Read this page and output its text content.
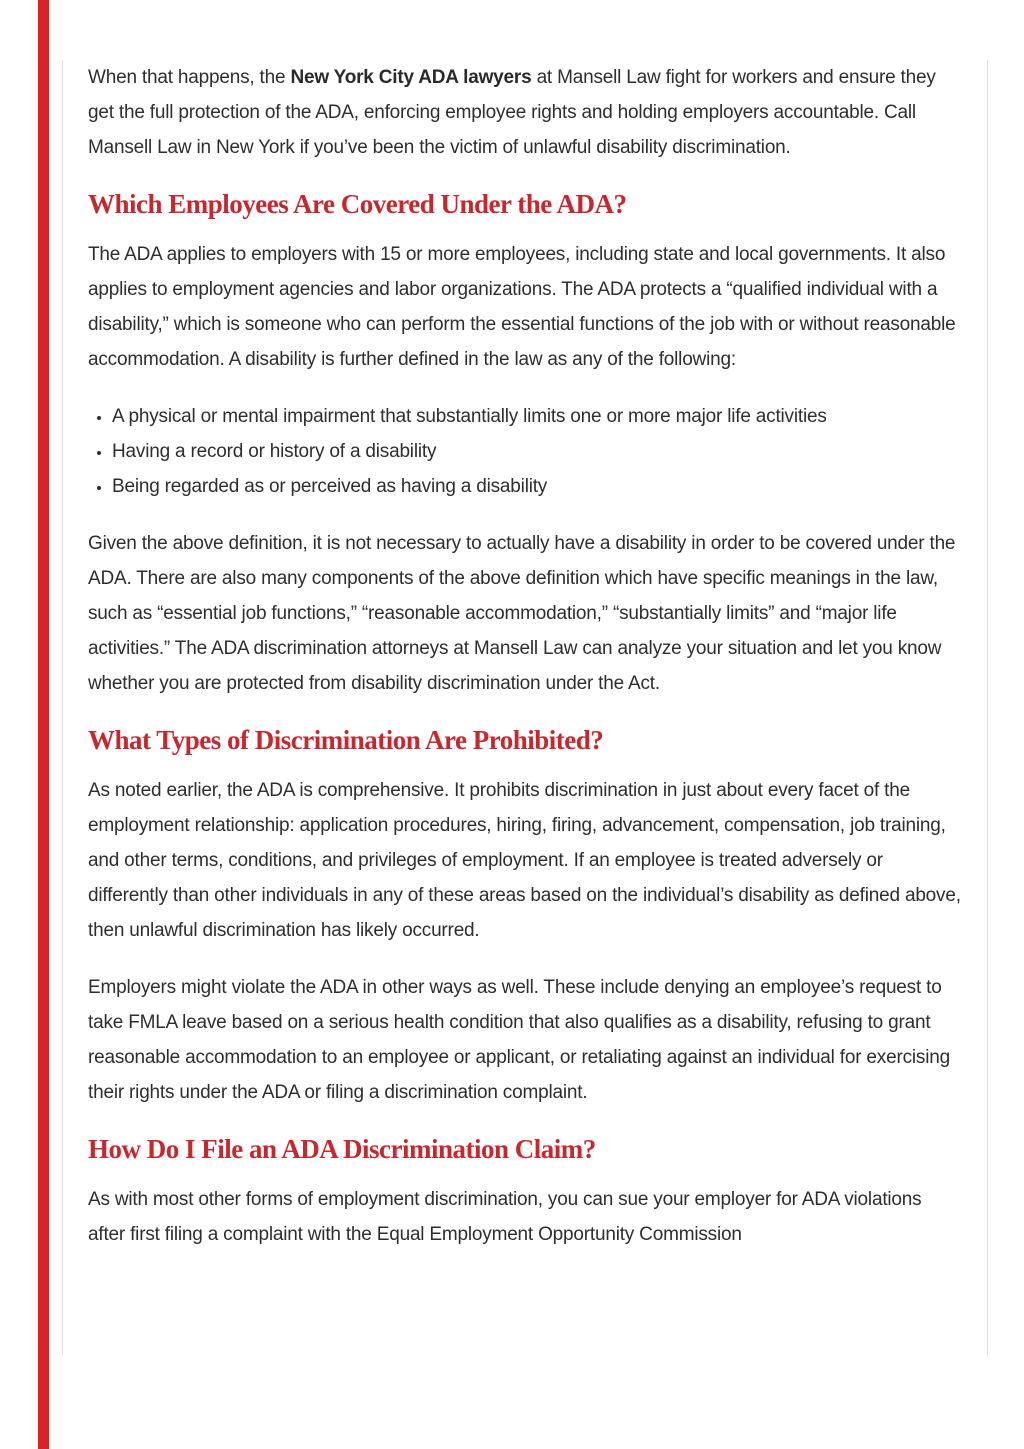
When that happens, the New York City ADA lawyers at Mansell Law fight for workers and ensure they get the full protection of the ADA, enforcing employee rights and holding employers accountable. Call Mansell Law in New York if you’ve been the victim of unlawful disability discrimination.

Which Employees Are Covered Under the ADA?

The ADA applies to employers with 15 or more employees, including state and local governments. It also applies to employment agencies and labor organizations. The ADA protects a “qualified individual with a disability,” which is someone who can perform the essential functions of the job with or without reasonable accommodation. A disability is further defined in the law as any of the following:

• A physical or mental impairment that substantially limits one or more major life activities
• Having a record or history of a disability
• Being regarded as or perceived as having a disability

Given the above definition, it is not necessary to actually have a disability in order to be covered under the ADA. There are also many components of the above definition which have specific meanings in the law, such as “essential job functions,” “reasonable accommodation,” “substantially limits” and “major life activities.” The ADA discrimination attorneys at Mansell Law can analyze your situation and let you know whether you are protected from disability discrimination under the Act.

What Types of Discrimination Are Prohibited?

As noted earlier, the ADA is comprehensive. It prohibits discrimination in just about every facet of the employment relationship: application procedures, hiring, firing, advancement, compensation, job training, and other terms, conditions, and privileges of employment. If an employee is treated adversely or differently than other individuals in any of these areas based on the individual’s disability as defined above, then unlawful discrimination has likely occurred.

Employers might violate the ADA in other ways as well. These include denying an employee’s request to take FMLA leave based on a serious health condition that also qualifies as a disability, refusing to grant reasonable accommodation to an employee or applicant, or retaliating against an individual for exercising their rights under the ADA or filing a discrimination complaint.

How Do I File an ADA Discrimination Claim?

As with most other forms of employment discrimination, you can sue your employer for ADA violations after first filing a complaint with the Equal Employment Opportunity Commission
